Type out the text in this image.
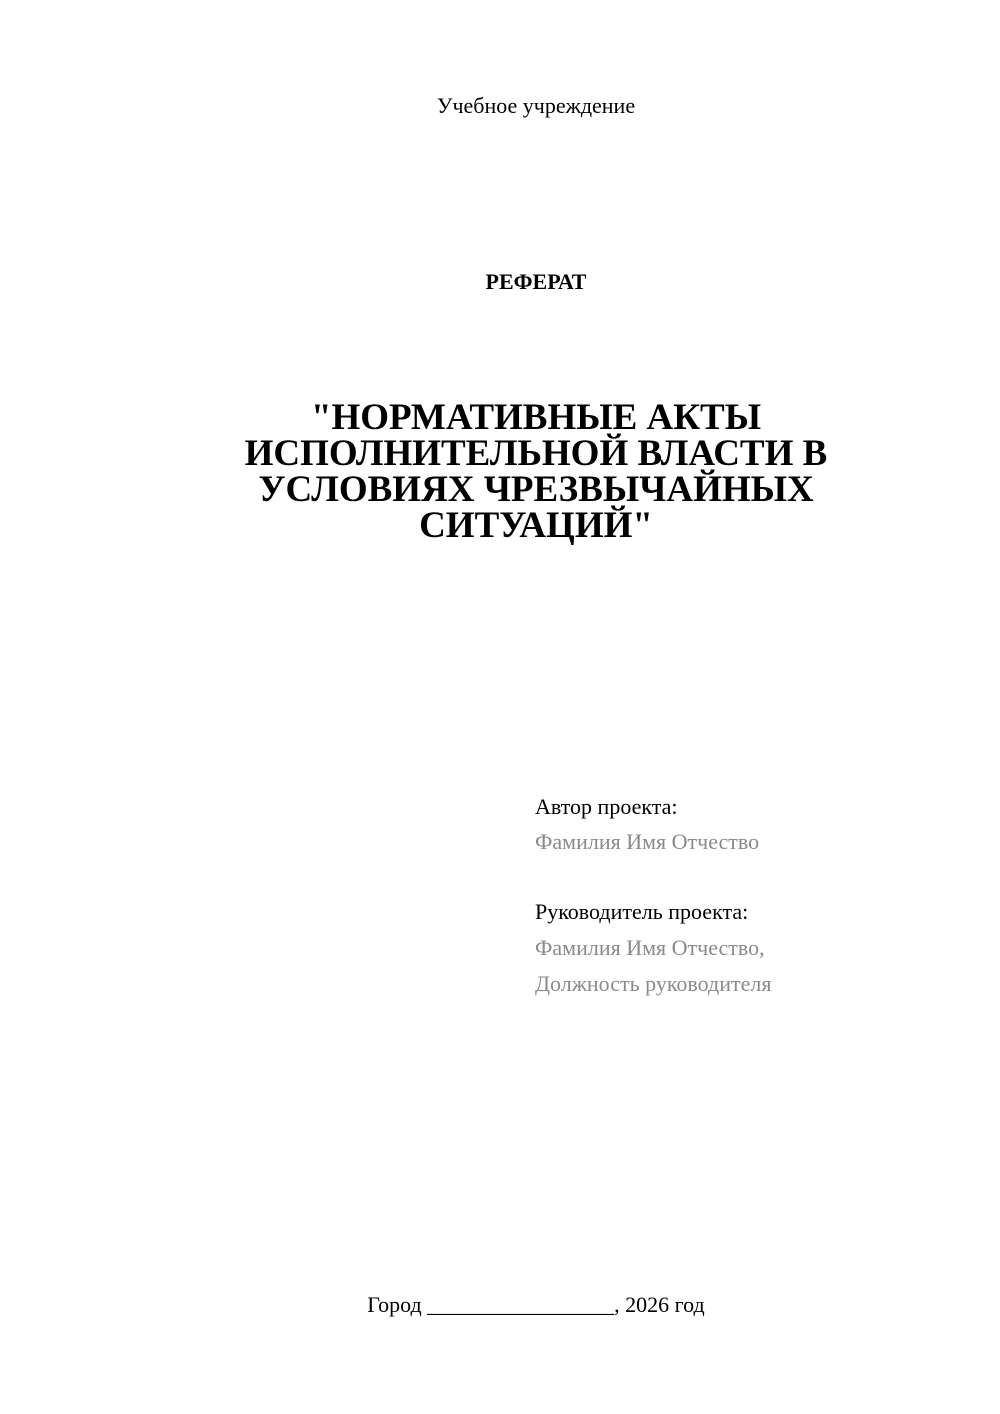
Учебное учреждение
РЕФЕРАТ
"НОРМАТИВНЫЕ АКТЫ
ИСПОЛНИТЕЛЬНОЙ ВЛАСТИ В
УСЛОВИЯХ ЧРЕЗВЫЧАЙНЫХ
СИТУАЦИЙ"
Автор проекта:
Фамилия Имя Отчество
Руководитель проекта:
Фамилия Имя Отчество,
Должность руководителя
Город _________________, 2026 год
